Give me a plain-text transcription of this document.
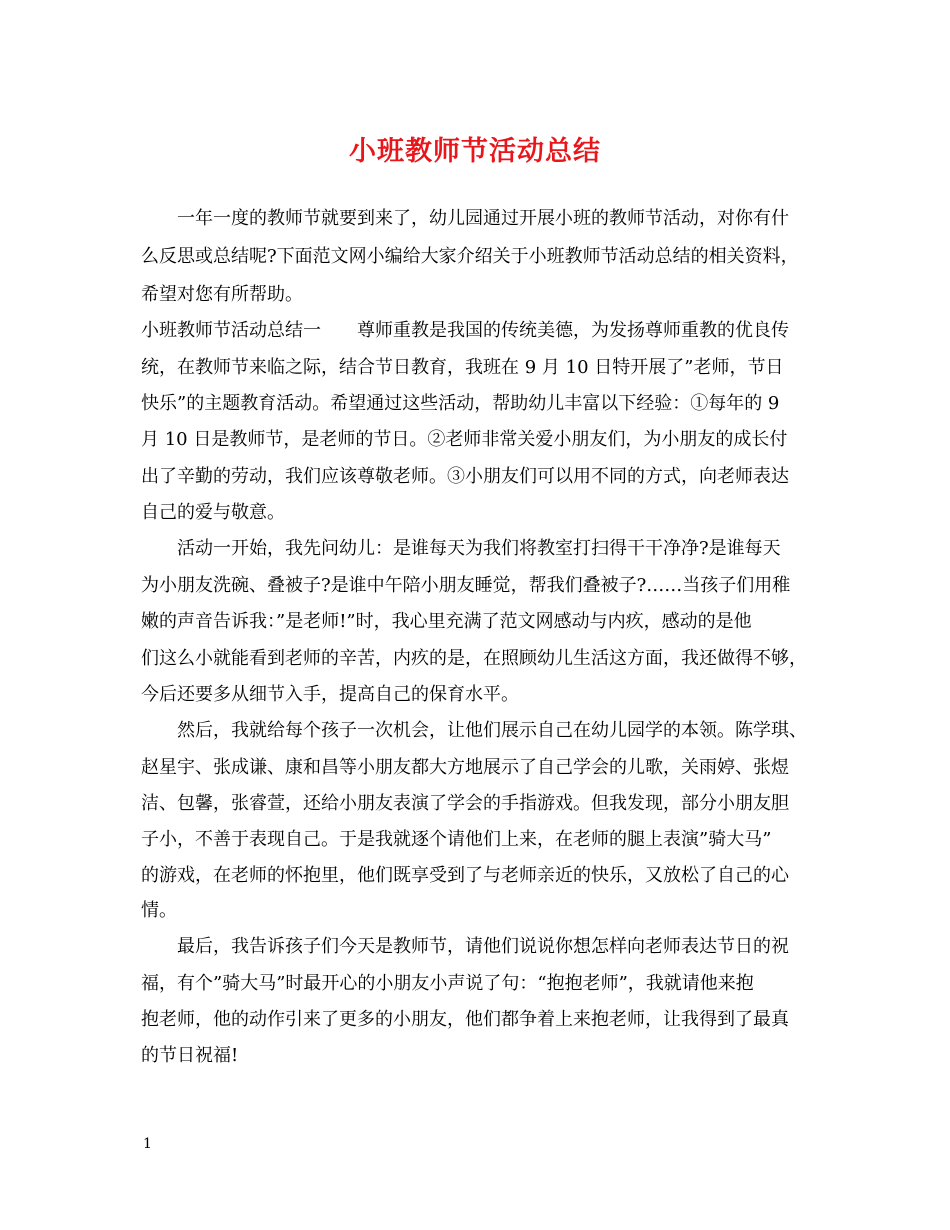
小班教师节活动总结
　　一年一度的教师节就要到来了，幼儿园通过开展小班的教师节活动，对你有什
么反思或总结呢?下面范文网小编给大家介绍关于小班教师节活动总结的相关资料，
希望对您有所帮助。
小班教师节活动总结一　　尊师重教是我国的传统美德，为发扬尊师重教的优良传
统，在教师节来临之际，结合节日教育，我班在 9 月 10 日特开展了”老师，节日
快乐”的主题教育活动。希望通过这些活动，帮助幼儿丰富以下经验：①每年的 9
月 10 日是教师节，是老师的节日。②老师非常关爱小朋友们，为小朋友的成长付
出了辛勤的劳动，我们应该尊敬老师。③小朋友们可以用不同的方式，向老师表达
自己的爱与敬意。
　　活动一开始，我先问幼儿：是谁每天为我们将教室打扫得干干净净?是谁每天
为小朋友洗碗、叠被子?是谁中午陪小朋友睡觉，帮我们叠被子?……当孩子们用稚
嫩的声音告诉我：”是老师!”时，我心里充满了范文网感动与内疚，感动的是他
们这么小就能看到老师的辛苦，内疚的是，在照顾幼儿生活这方面，我还做得不够，
今后还要多从细节入手，提高自己的保育水平。
　　然后，我就给每个孩子一次机会，让他们展示自己在幼儿园学的本领。陈学琪、
赵星宇、张成谦、康和昌等小朋友都大方地展示了自己学会的儿歌，关雨婷、张煜
洁、包馨，张睿萱，还给小朋友表演了学会的手指游戏。但我发现，部分小朋友胆
子小，不善于表现自己。于是我就逐个请他们上来，在老师的腿上表演”骑大马”
的游戏，在老师的怀抱里，他们既享受到了与老师亲近的快乐，又放松了自己的心
情。
　　最后，我告诉孩子们今天是教师节，请他们说说你想怎样向老师表达节日的祝
福，有个”骑大马”时最开心的小朋友小声说了句：“抱抱老师”，我就请他来抱
抱老师，他的动作引来了更多的小朋友，他们都争着上来抱老师，让我得到了最真
的节日祝福!
1
